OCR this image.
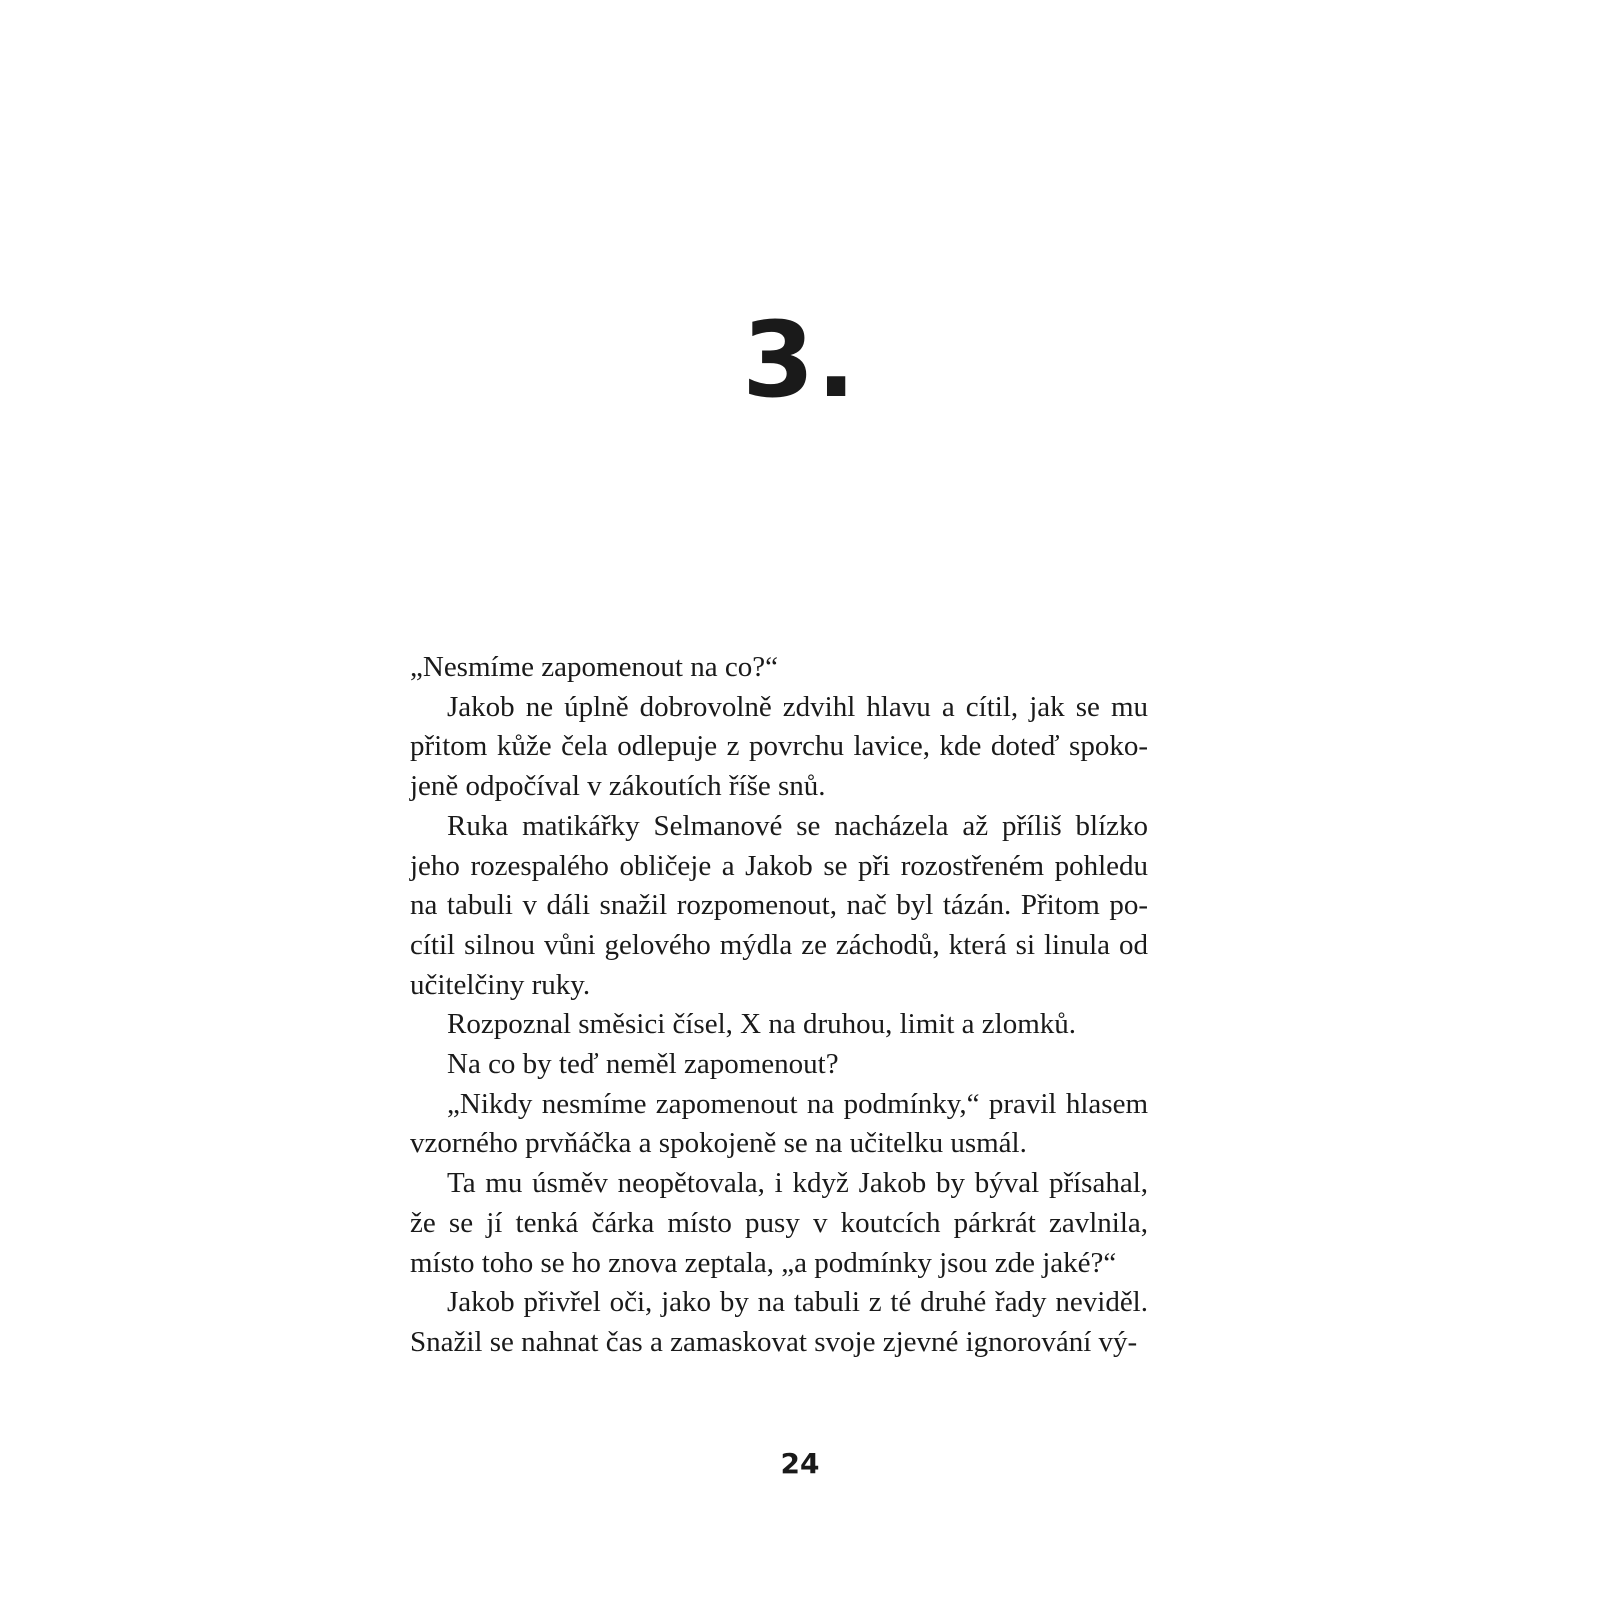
3.

„Nesmíme zapomenout na co?“

Jakob ne úplně dobrovolně zdvihl hlavu a cítil, jak se mu přitom kůže čela odlepuje z povrchu lavice, kde doteď spokojeně odpočíval v zákoutích říše snů.

Ruka matikářky Selmanové se nacházela až příliš blízko jeho rozespalého obličeje a Jakob se při rozostřeném pohledu na tabuli v dáli snažil rozpomenout, nač byl tázán. Přitom pocítil silnou vůni gelového mýdla ze záchodů, která si linula od učitelčiny ruky.

Rozpoznal směsici čísel, X na druhou, limit a zlomků.

Na co by teď neměl zapomenout?

„Nikdy nesmíme zapomenout na podmínky,“ pravil hlasem vzorného prvňáčka a spokojeně se na učitelku usmál.

Ta mu úsměv neopětovala, i když Jakob by býval přísahal, že se jí tenká čárka místo pusy v koutcích párkrát zavlnila, místo toho se ho znova zeptala, „a podmínky jsou zde jaké?“

Jakob přivřel oči, jako by na tabuli z té druhé řady neviděl. Snažil se nahnat čas a zamaskovat svoje zjevné ignorování vý-

24
